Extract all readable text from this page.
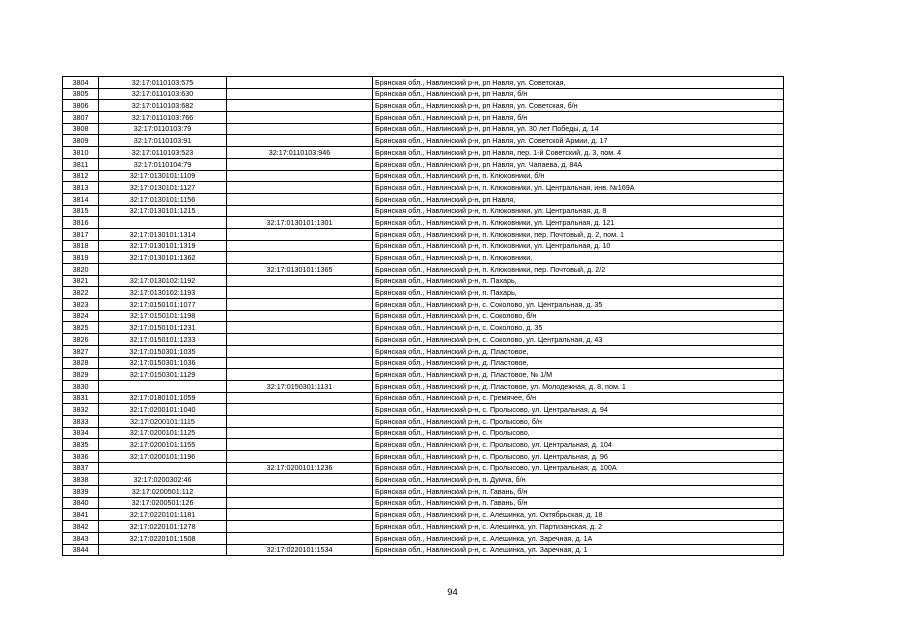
3804	32:17:0110103:575		Брянская обл., Навлинский р-н, рп Навля, ул. Советская,
3805	32:17:0110103:630		Брянская обл., Навлинский р-н, рп Навля, б/н
3806	32:17:0110103:682		Брянская обл., Навлинский р-н, рп Навля, ул. Советская, б/н
3807	32:17:0110103:766		Брянская обл., Навлинский р-н, рп Навля, б/н
3808	32:17:0110103:79		Брянская обл., Навлинский р-н, рп Навля, ул. 30 лет Победы, д. 14
3809	32:17:0110103:91		Брянская обл., Навлинский р-н, рп Навля, ул. Советской Армии, д. 17
3810	32:17:0110103:523	32:17:0110103:946	Брянская обл., Навлинский р-н, рп Навля, пер. 1-й Советский, д. 3, пом. 4
3811	32:17:0110104:79		Брянская обл., Навлинский р-н, рп Навля, ул. Чапаева, д. 84А
3812	32:17:0130101:1109		Брянская обл., Навлинский р-н, п. Клюковники, б/н
3813	32:17:0130101:1127		Брянская обл., Навлинский р-н, п. Клюковники, ул. Центральная, инв. №169А
3814	32:17:0130101:1156		Брянская обл., Навлинский р-н, рп Навля,
3815	32:17:0130101:1215		Брянская обл., Навлинский р-н, п. Клюковники, ул. Центральная, д. 8
3816		32:17:0130101:1301	Брянская обл., Навлинский р-н, п. Клюковники, ул. Центральная, д. 121
3817	32:17:0130101:1314		Брянская обл., Навлинский р-н, п. Клюковники, пер. Почтовый, д. 2, пом. 1
3818	32:17:0130101:1319		Брянская обл., Навлинский р-н, п. Клюковники, ул. Центральная, д. 10
3819	32:17:0130101:1362		Брянская обл., Навлинский р-н, п. Клюковники,
3820		32:17:0130101:1365	Брянская обл., Навлинский р-н, п. Клюковники, пер. Почтовый, д. 2/2
3821	32:17:0130102:1192		Брянская обл., Навлинский р-н, п. Пахарь,
3822	32:17:0130102:1193		Брянская обл., Навлинский р-н, п. Пахарь,
3823	32:17:0150101:1077		Брянская обл., Навлинский р-н, с. Соколово, ул. Центральная, д. 35
3824	32:17:0150101:1198		Брянская обл., Навлинский р-н, с. Соколово, б/н
3825	32:17:0150101:1231		Брянская обл., Навлинский р-н, с. Соколово, д. 35
3826	32:17:0150101:1233		Брянская обл., Навлинский р-н, с. Соколово, ул. Центральная, д. 43
3827	32:17:0150301:1035		Брянская обл., Навлинский р-н, д. Пластовое,
3828	32:17:0150301:1036		Брянская обл., Навлинский р-н, д. Пластовое,
3829	32:17:0150301:1129		Брянская обл., Навлинский р-н, д. Пластовое, № 1/М
3830		32:17:0150301:1131	Брянская обл., Навлинский р-н, д. Пластовое, ул. Молодежная, д. 8, пом. 1
3831	32:17:0180101:1059		Брянская обл., Навлинский р-н, с. Гремячее, б/н
3832	32:17:0200101:1040		Брянская обл., Навлинский р-н, с. Пролысово, ул. Центральная, д. 94
3833	32:17:0200101:1115		Брянская обл., Навлинский р-н, с. Пролысово, б/н
3834	32:17:0200101:1125		Брянская обл., Навлинский р-н, с. Пролысово,
3835	32:17:0200101:1155		Брянская обл., Навлинский р-н, с. Пролысово, ул. Центральная, д. 104
3836	32:17:0200101:1196		Брянская обл., Навлинский р-н, с. Пролысово, ул. Центральная, д. 96
3837		32:17:0200101:1236	Брянская обл., Навлинский р-н, с. Пролысово, ул. Центральная, д. 100А
3838	32:17:0200302:46		Брянская обл., Навлинский р-н, п. Думча, б/н
3839	32:17:0200501:112		Брянская обл., Навлинский р-н, п. Гавань, б/н
3840	32:17:0200501:126		Брянская обл., Навлинский р-н, п. Гавань, б/н
3841	32:17:0220101:1181		Брянская обл., Навлинский р-н, с. Алешинка, ул. Октябрьская, д. 18
3842	32:17:0220101:1278		Брянская обл., Навлинский р-н, с. Алешинка, ул. Партизанская, д. 2
3843	32:17:0220101:1508		Брянская обл., Навлинский р-н, с. Алешинка, ул. Заречная, д. 1А
3844		32:17:0220101:1534	Брянская обл., Навлинский р-н, с. Алешинка, ул. Заречная, д. 1
94
